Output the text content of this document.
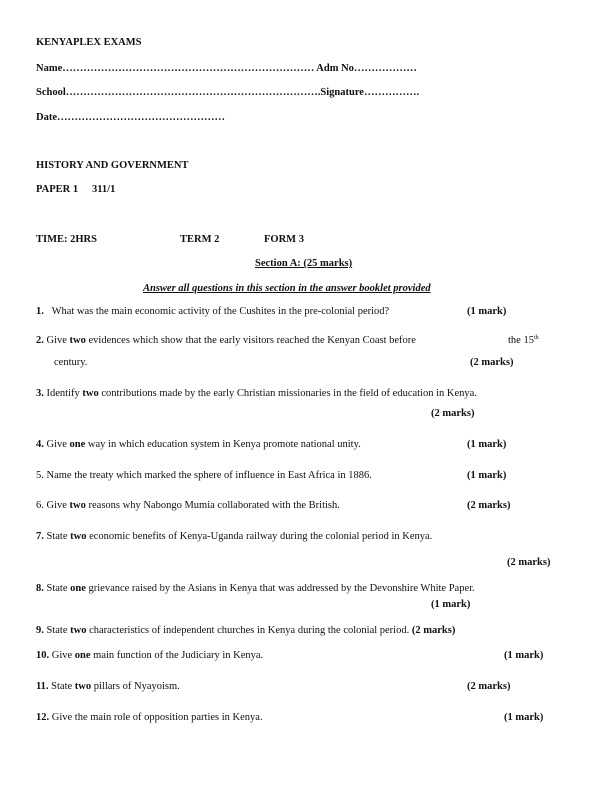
KENYAPLEX EXAMS
Name……………………………………………………………… Adm No………………
School……………………………………………………………….Signature…………….
Date…………………………………………
HISTORY AND GOVERNMENT
PAPER 1 311/1
TIME: 2HRS	TERM 2	FORM 3
Section A: (25 marks)
Answer all questions in this section in the answer booklet provided
1. What was the main economic activity of the Cushites in the pre-colonial period?	(1 mark)
2. Give two evidences which show that the early visitors reached the Kenyan Coast before	the 15th
century.	(2 marks)
3. Identify two contributions made by the early Christian missionaries in the field of education in Kenya.
(2 marks)
4. Give one way in which education system in Kenya promote national unity.	(1 mark)
5. Name the treaty which marked the sphere of influence in East Africa in 1886.	(1 mark)
6. Give two reasons why Nabongo Mumia collaborated with the British.	(2 marks)
7. State two economic benefits of Kenya-Uganda railway during the colonial period in Kenya.
(2 marks)
8. State one grievance raised by the Asians in Kenya that was addressed by the Devonshire White Paper.
(1 mark)
9. State two characteristics of independent churches in Kenya during the colonial period. (2 marks)
10. Give one main function of the Judiciary in Kenya.	(1 mark)
11. State two pillars of Nyayoism.	(2 marks)
12. Give the main role of opposition parties in Kenya.	(1 mark)
